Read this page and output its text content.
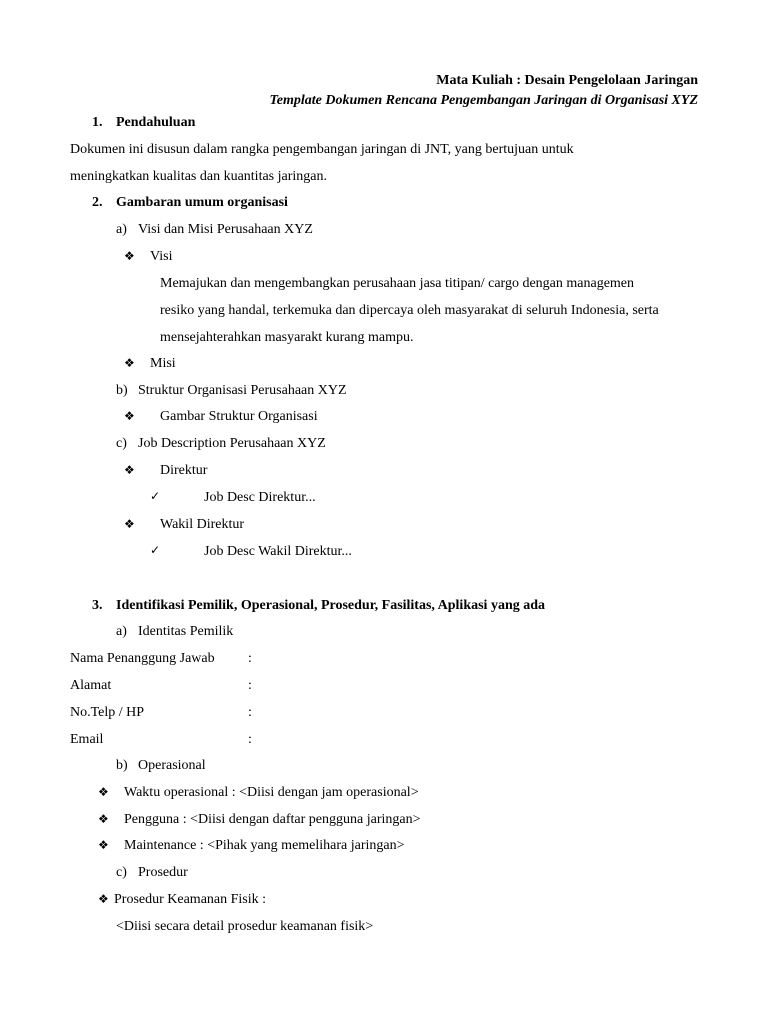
Mata Kuliah : Desain Pengelolaan Jaringan
Template Dokumen Rencana Pengembangan Jaringan di Organisasi XYZ
1. Pendahuluan
Dokumen ini disusun dalam rangka pengembangan jaringan di JNT, yang bertujuan untuk
meningkatkan kualitas dan kuantitas jaringan.
2. Gambaran umum organisasi
a) Visi dan Misi Perusahaan XYZ
❖ Visi
Memajukan dan mengembangkan perusahaan jasa titipan/ cargo dengan managemen
resiko yang handal, terkemuka dan dipercaya oleh masyarakat di seluruh Indonesia, serta
mensejahterahkan masyarakt kurang mampu.
❖ Misi
b) Struktur Organisasi Perusahaan XYZ
❖ Gambar Struktur Organisasi
c) Job Description Perusahaan XYZ
❖ Direktur
✓	Job Desc Direktur...
❖ Wakil Direktur
✓	Job Desc Wakil Direktur...
3. Identifikasi Pemilik, Operasional, Prosedur, Fasilitas, Aplikasi yang ada
a) Identitas Pemilik
Nama Penanggung Jawab :
Alamat	:
No.Telp / HP	:
Email	:
b) Operasional
❖ Waktu operasional : <Diisi dengan jam operasional>
❖ Pengguna : <Diisi dengan daftar pengguna jaringan>
❖ Maintenance : <Pihak yang memelihara jaringan>
c) Prosedur
❖ Prosedur Keamanan Fisik :
<Diisi secara detail prosedur keamanan fisik>
